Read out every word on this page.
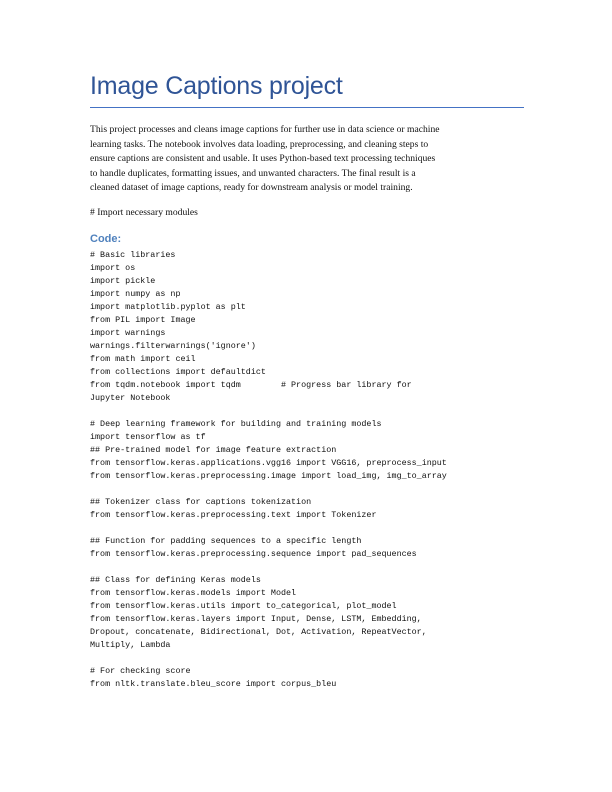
Image Captions project
This project processes and cleans image captions for further use in data science or machine
learning tasks. The notebook involves data loading, preprocessing, and cleaning steps to
ensure captions are consistent and usable. It uses Python-based text processing techniques
to handle duplicates, formatting issues, and unwanted characters. The final result is a
cleaned dataset of image captions, ready for downstream analysis or model training.
# Import necessary modules
Code:
# Basic libraries
import os
import pickle
import numpy as np
import matplotlib.pyplot as plt
from PIL import Image
import warnings
warnings.filterwarnings('ignore')
from math import ceil
from collections import defaultdict
from tqdm.notebook import tqdm        # Progress bar library for
Jupyter Notebook
# Deep learning framework for building and training models
import tensorflow as tf
## Pre-trained model for image feature extraction
from tensorflow.keras.applications.vgg16 import VGG16, preprocess_input
from tensorflow.keras.preprocessing.image import load_img, img_to_array
## Tokenizer class for captions tokenization
from tensorflow.keras.preprocessing.text import Tokenizer
## Function for padding sequences to a specific length
from tensorflow.keras.preprocessing.sequence import pad_sequences
## Class for defining Keras models
from tensorflow.keras.models import Model
from tensorflow.keras.utils import to_categorical, plot_model
from tensorflow.keras.layers import Input, Dense, LSTM, Embedding,
Dropout, concatenate, Bidirectional, Dot, Activation, RepeatVector,
Multiply, Lambda
# For checking score
from nltk.translate.bleu_score import corpus_bleu
